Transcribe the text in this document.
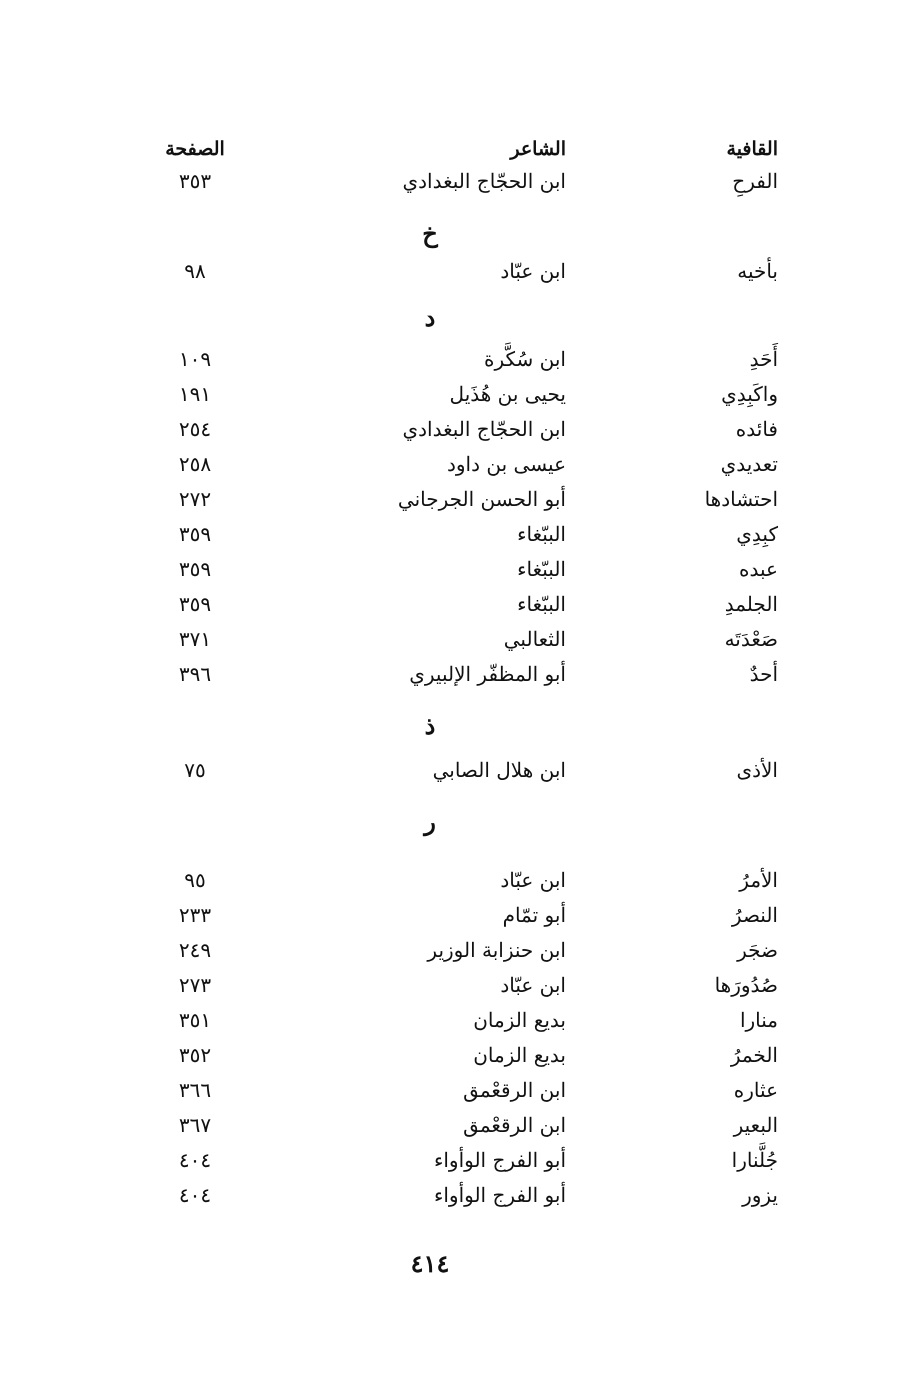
القافية
الشاعر
الصفحة
الفرحِ
ابن الحجّاج البغدادي
٣٥٣
خ
بأخيه
ابن عبّاد
٩٨
د
أَحَدِ
ابن سُكَّرة
١٠٩
واكَبِدِي
يحيى بن هُذَيل
١٩١
فائده
ابن الحجّاج البغدادي
٢٥٤
تعديدي
عيسى بن داود
٢٥٨
احتشادها
أبو الحسن الجرجاني
٢٧٢
كبِدِي
الببّغاء
٣٥٩
عبده
الببّغاء
٣٥٩
الجلمدِ
الببّغاء
٣٥٩
صَعْدَتَه
الثعالبي
٣٧١
أحدٌ
أبو المظفّر الإلبيري
٣٩٦
ذ
الأذى
ابن هلال الصابي
٧٥
ر
الأمرُ
ابن عبّاد
٩٥
النصرُ
أبو تمّام
٢٣٣
ضجَر
ابن حنزابة الوزير
٢٤٩
صُدُورَها
ابن عبّاد
٢٧٣
منارا
بديع الزمان
٣٥١
الخمرُ
بديع الزمان
٣٥٢
عثاره
ابن الرقعْمق
٣٦٦
البعير
ابن الرقعْمق
٣٦٧
جُلَّنارا
أبو الفرج الوأواء
٤٠٤
يزور
أبو الفرج الوأواء
٤٠٤
٤١٤
